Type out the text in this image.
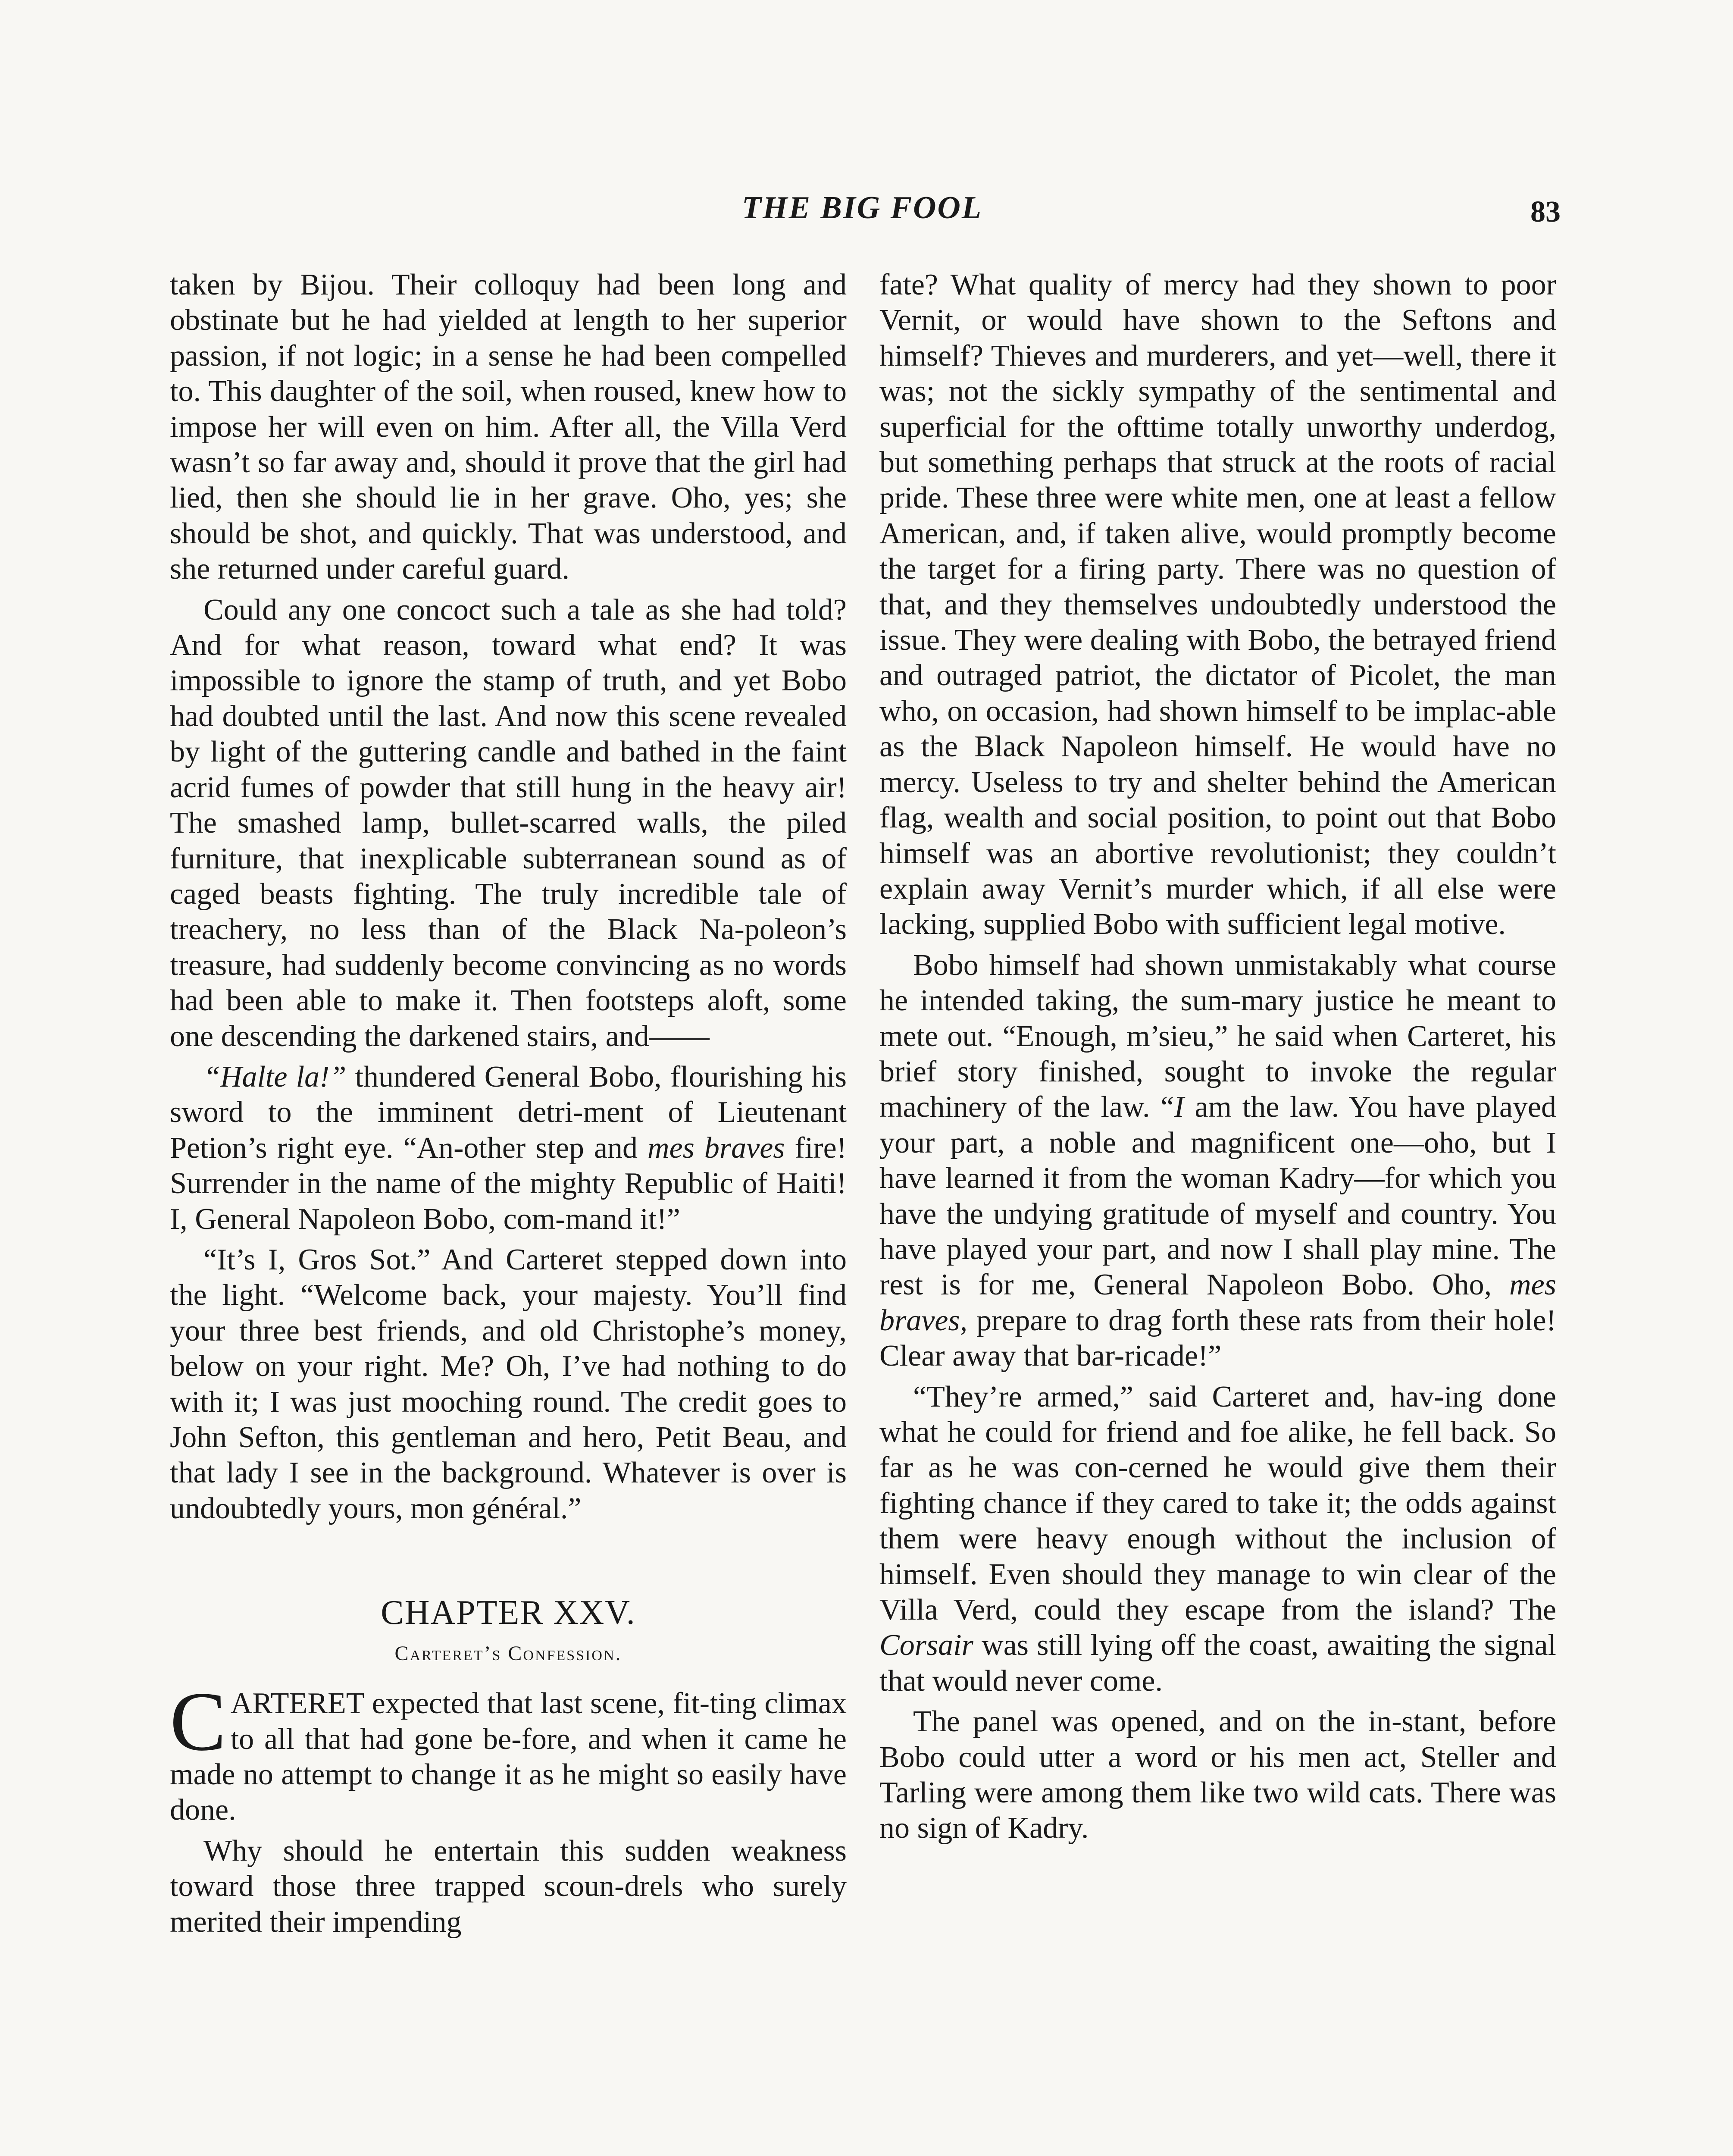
THE BIG FOOL	83

taken by Bijou. Their colloquy had been long and obstinate but he had yielded at length to her superior passion, if not logic; in a sense he had been compelled to. This daughter of the soil, when roused, knew how to impose her will even on him. After all, the Villa Verd wasn’t so far away and, should it prove that the girl had lied, then she should lie in her grave. Oho, yes; she should be shot, and quickly. That was understood, and she returned under careful guard.

Could any one concoct such a tale as she had told? And for what reason, toward what end? It was impossible to ignore the stamp of truth, and yet Bobo had doubted until the last. And now this scene revealed by light of the guttering candle and bathed in the faint acrid fumes of powder that still hung in the heavy air! The smashed lamp, bullet-scarred walls, the piled furniture, that inexplicable subterranean sound as of caged beasts fighting. The truly incredible tale of treachery, no less than of the Black Na-poleon’s treasure, had suddenly become convincing as no words had been able to make it. Then footsteps aloft, some one descending the darkened stairs, and——

“Halte la!” thundered General Bobo, flourishing his sword to the imminent detri-ment of Lieutenant Petion’s right eye. “An-other step and mes braves fire! Surrender in the name of the mighty Republic of Haiti! I, General Napoleon Bobo, com-mand it!”

“It’s I, Gros Sot.” And Carteret stepped down into the light. “Welcome back, your majesty. You’ll find your three best friends, and old Christophe’s money, below on your right. Me? Oh, I’ve had nothing to do with it; I was just mooching round. The credit goes to John Sefton, this gentleman and hero, Petit Beau, and that lady I see in the background. Whatever is over is undoubtedly yours, mon général.”

CHAPTER XXV.
Carteret’s Confession.

CARTERET expected that last scene, fit-ting climax to all that had gone be-fore, and when it came he made no attempt to change it as he might so easily have done.

Why should he entertain this sudden weakness toward those three trapped scoun-drels who surely merited their impending

fate? What quality of mercy had they shown to poor Vernit, or would have shown to the Seftons and himself? Thieves and murderers, and yet—well, there it was; not the sickly sympathy of the sentimental and superficial for the ofttime totally unworthy underdog, but something perhaps that struck at the roots of racial pride. These three were white men, one at least a fellow American, and, if taken alive, would promptly become the target for a firing party. There was no question of that, and they themselves undoubtedly understood the issue. They were dealing with Bobo, the betrayed friend and outraged patriot, the dictator of Picolet, the man who, on occasion, had shown himself to be implac-able as the Black Napoleon himself. He would have no mercy. Useless to try and shelter behind the American flag, wealth and social position, to point out that Bobo himself was an abortive revolutionist; they couldn’t explain away Vernit’s murder which, if all else were lacking, supplied Bobo with sufficient legal motive.

Bobo himself had shown unmistakably what course he intended taking, the sum-mary justice he meant to mete out. “Enough, m’sieu,” he said when Carteret, his brief story finished, sought to invoke the regular machinery of the law. “I am the law. You have played your part, a noble and magnificent one—oho, but I have learned it from the woman Kadry—for which you have the undying gratitude of myself and country. You have played your part, and now I shall play mine. The rest is for me, General Napoleon Bobo. Oho, mes braves, prepare to drag forth these rats from their hole! Clear away that bar-ricade!”

“They’re armed,” said Carteret and, hav-ing done what he could for friend and foe alike, he fell back. So far as he was con-cerned he would give them their fighting chance if they cared to take it; the odds against them were heavy enough without the inclusion of himself. Even should they manage to win clear of the Villa Verd, could they escape from the island? The Corsair was still lying off the coast, awaiting the signal that would never come.

The panel was opened, and on the in-stant, before Bobo could utter a word or his men act, Steller and Tarling were among them like two wild cats. There was no sign of Kadry.
